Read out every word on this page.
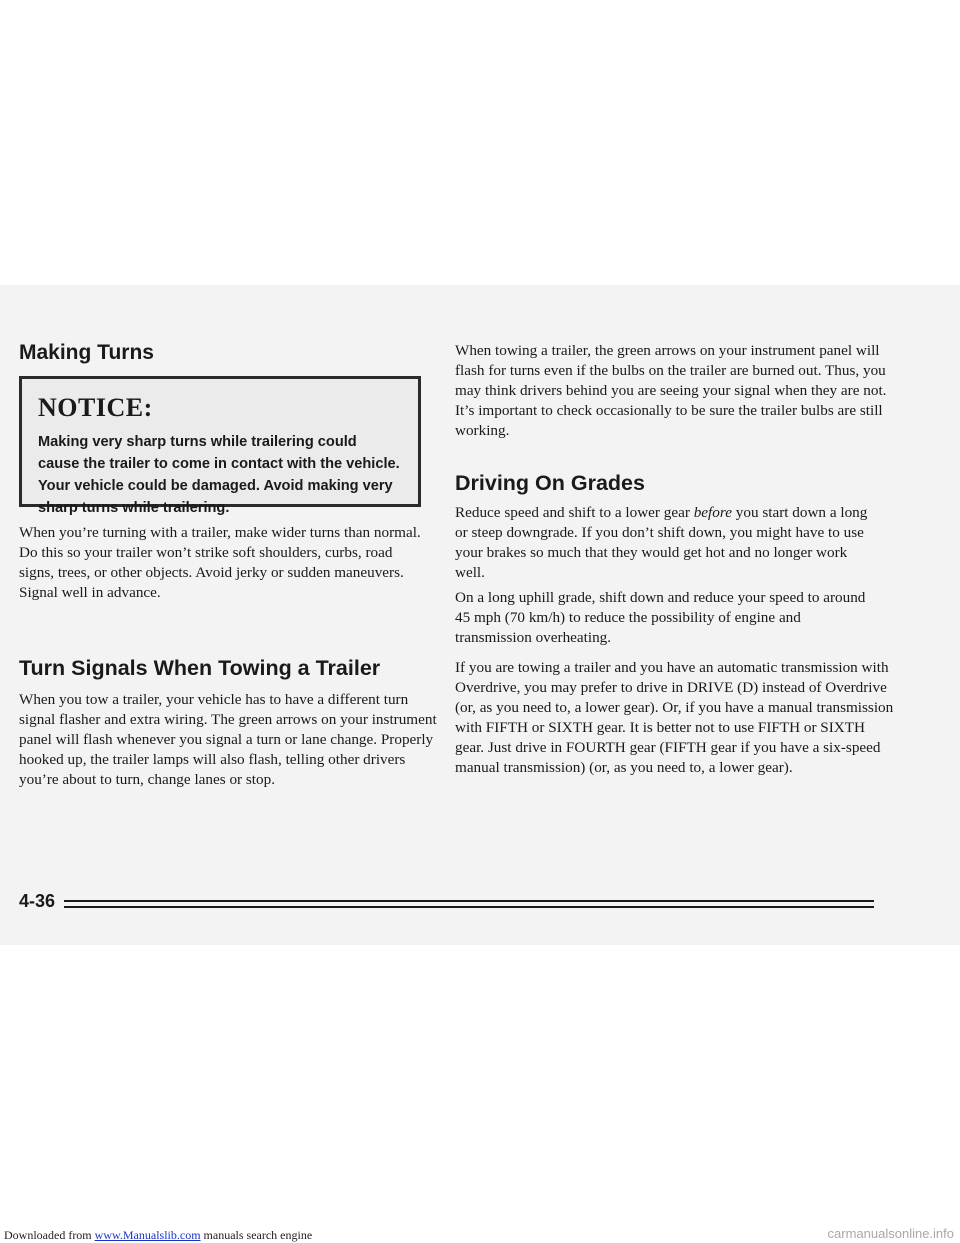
Making Turns
NOTICE:

Making very sharp turns while trailering could cause the trailer to come in contact with the vehicle. Your vehicle could be damaged. Avoid making very sharp turns while trailering.

When you’re turning with a trailer, make wider turns than normal. Do this so your trailer won’t strike soft shoulders, curbs, road signs, trees, or other objects. Avoid jerky or sudden maneuvers. Signal well in advance.

Turn Signals When Towing a Trailer

When you tow a trailer, your vehicle has to have a different turn signal flasher and extra wiring. The green arrows on your instrument panel will flash whenever you signal a turn or lane change. Properly hooked up, the trailer lamps will also flash, telling other drivers you’re about to turn, change lanes or stop.

When towing a trailer, the green arrows on your instrument panel will flash for turns even if the bulbs on the trailer are burned out. Thus, you may think drivers behind you are seeing your signal when they are not. It’s important to check occasionally to be sure the trailer bulbs are still working.

Driving On Grades

Reduce speed and shift to a lower gear before you start down a long or steep downgrade. If you don’t shift down, you might have to use your brakes so much that they would get hot and no longer work well.

On a long uphill grade, shift down and reduce your speed to around 45 mph (70 km/h) to reduce the possibility of engine and transmission overheating.

If you are towing a trailer and you have an automatic transmission with Overdrive, you may prefer to drive in DRIVE (D) instead of Overdrive (or, as you need to, a lower gear). Or, if you have a manual transmission with FIFTH or SIXTH gear. It is better not to use FIFTH or SIXTH gear. Just drive in FOURTH gear (FIFTH gear if you have a six-speed manual transmission) (or, as you need to, a lower gear).

4-36
Downloaded from www.Manualslib.com manuals search engine	carmanualsonline.info
